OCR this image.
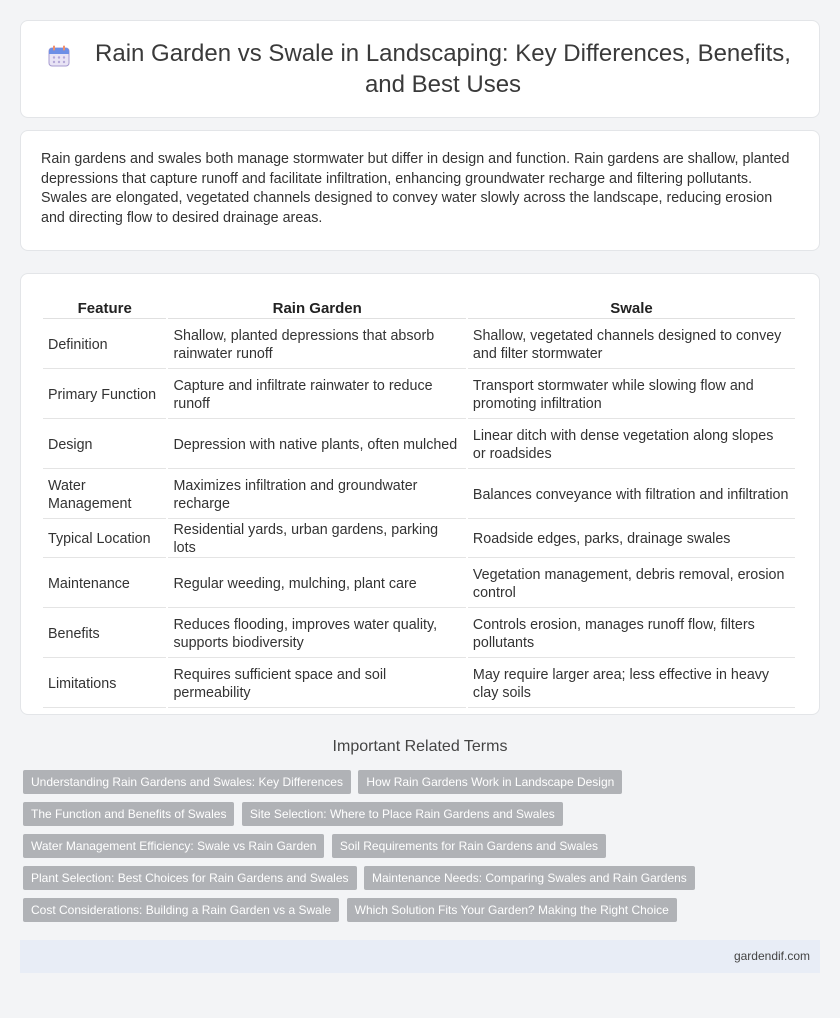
Rain Garden vs Swale in Landscaping: Key Differences, Benefits, and Best Uses

Rain gardens and swales both manage stormwater but differ in design and function. Rain gardens are shallow, planted depressions that capture runoff and facilitate infiltration, enhancing groundwater recharge and filtering pollutants. Swales are elongated, vegetated channels designed to convey water slowly across the landscape, reducing erosion and directing flow to desired drainage areas.

Feature	Rain Garden	Swale
Definition	Shallow, planted depressions that absorb rainwater runoff	Shallow, vegetated channels designed to convey and filter stormwater
Primary Function	Capture and infiltrate rainwater to reduce runoff	Transport stormwater while slowing flow and promoting infiltration
Design	Depression with native plants, often mulched	Linear ditch with dense vegetation along slopes or roadsides
Water Management	Maximizes infiltration and groundwater recharge	Balances conveyance with filtration and infiltration
Typical Location	Residential yards, urban gardens, parking lots	Roadside edges, parks, drainage swales
Maintenance	Regular weeding, mulching, plant care	Vegetation management, debris removal, erosion control
Benefits	Reduces flooding, improves water quality, supports biodiversity	Controls erosion, manages runoff flow, filters pollutants
Limitations	Requires sufficient space and soil permeability	May require larger area; less effective in heavy clay soils
Important Related Terms
Understanding Rain Gardens and Swales: Key Differences How Rain Gardens Work in Landscape Design
The Function and Benefits of Swales Site Selection: Where to Place Rain Gardens and Swales
Water Management Efficiency: Swale vs Rain Garden Soil Requirements for Rain Gardens and Swales
Plant Selection: Best Choices for Rain Gardens and Swales Maintenance Needs: Comparing Swales and Rain Gardens
Cost Considerations: Building a Rain Garden vs a Swale Which Solution Fits Your Garden? Making the Right Choice
gardendif.com
